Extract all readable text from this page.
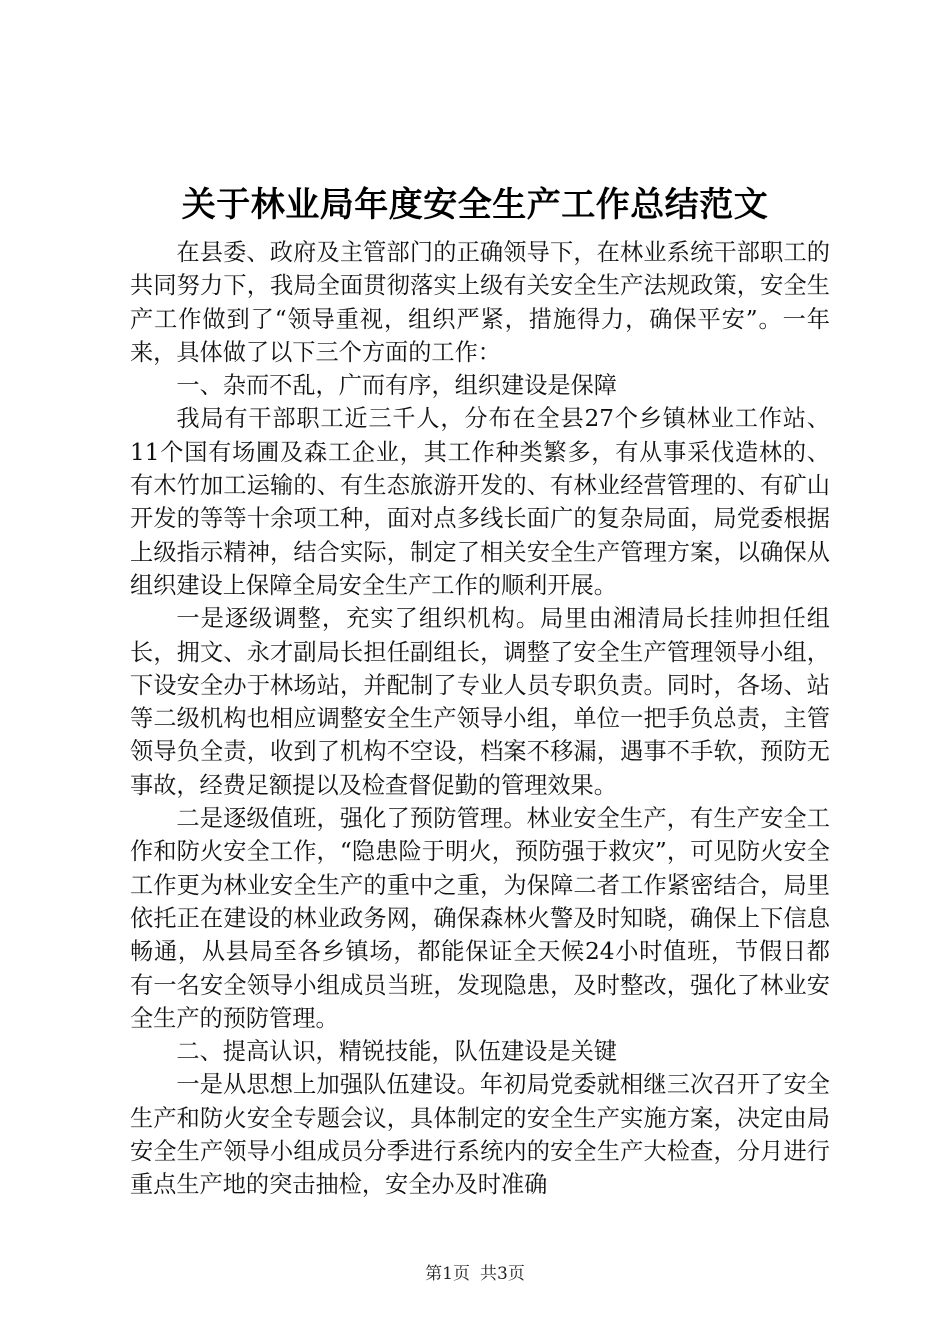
关于林业局年度安全生产工作总结范文

在县委、政府及主管部门的正确领导下，在林业系统干部职工的共同努力下，我局全面贯彻落实上级有关安全生产法规政策，安全生产工作做到了“领导重视，组织严紧，措施得力，确保平安”。一年来，具体做了以下三个方面的工作：

一、杂而不乱，广而有序，组织建设是保障

我局有干部职工近三千人，分布在全县27个乡镇林业工作站、11个国有场圃及森工企业，其工作种类繁多，有从事采伐造林的、有木竹加工运输的、有生态旅游开发的、有林业经营管理的、有矿山开发的等等十余项工种，面对点多线长面广的复杂局面，局党委根据上级指示精神，结合实际，制定了相关安全生产管理方案，以确保从组织建设上保障全局安全生产工作的顺利开展。

一是逐级调整，充实了组织机构。局里由湘清局长挂帅担任组长，拥文、永才副局长担任副组长，调整了安全生产管理领导小组，下设安全办于林场站，并配制了专业人员专职负责。同时，各场、站等二级机构也相应调整安全生产领导小组，单位一把手负总责，主管领导负全责，收到了机构不空设，档案不移漏，遇事不手软，预防无事故，经费足额提以及检查督促勤的管理效果。

二是逐级值班，强化了预防管理。林业安全生产，有生产安全工作和防火安全工作，“隐患险于明火，预防强于救灾”，可见防火安全工作更为林业安全生产的重中之重，为保障二者工作紧密结合，局里依托正在建设的林业政务网，确保森林火警及时知晓，确保上下信息畅通，从县局至各乡镇场，都能保证全天候24小时值班，节假日都有一名安全领导小组成员当班，发现隐患，及时整改，强化了林业安全生产的预防管理。

二、提高认识，精锐技能，队伍建设是关键

一是从思想上加强队伍建设。年初局党委就相继三次召开了安全生产和防火安全专题会议，具体制定的安全生产实施方案，决定由局安全生产领导小组成员分季进行系统内的安全生产大检查，分月进行重点生产地的突击抽检，安全办及时准确

第1页 共3页
